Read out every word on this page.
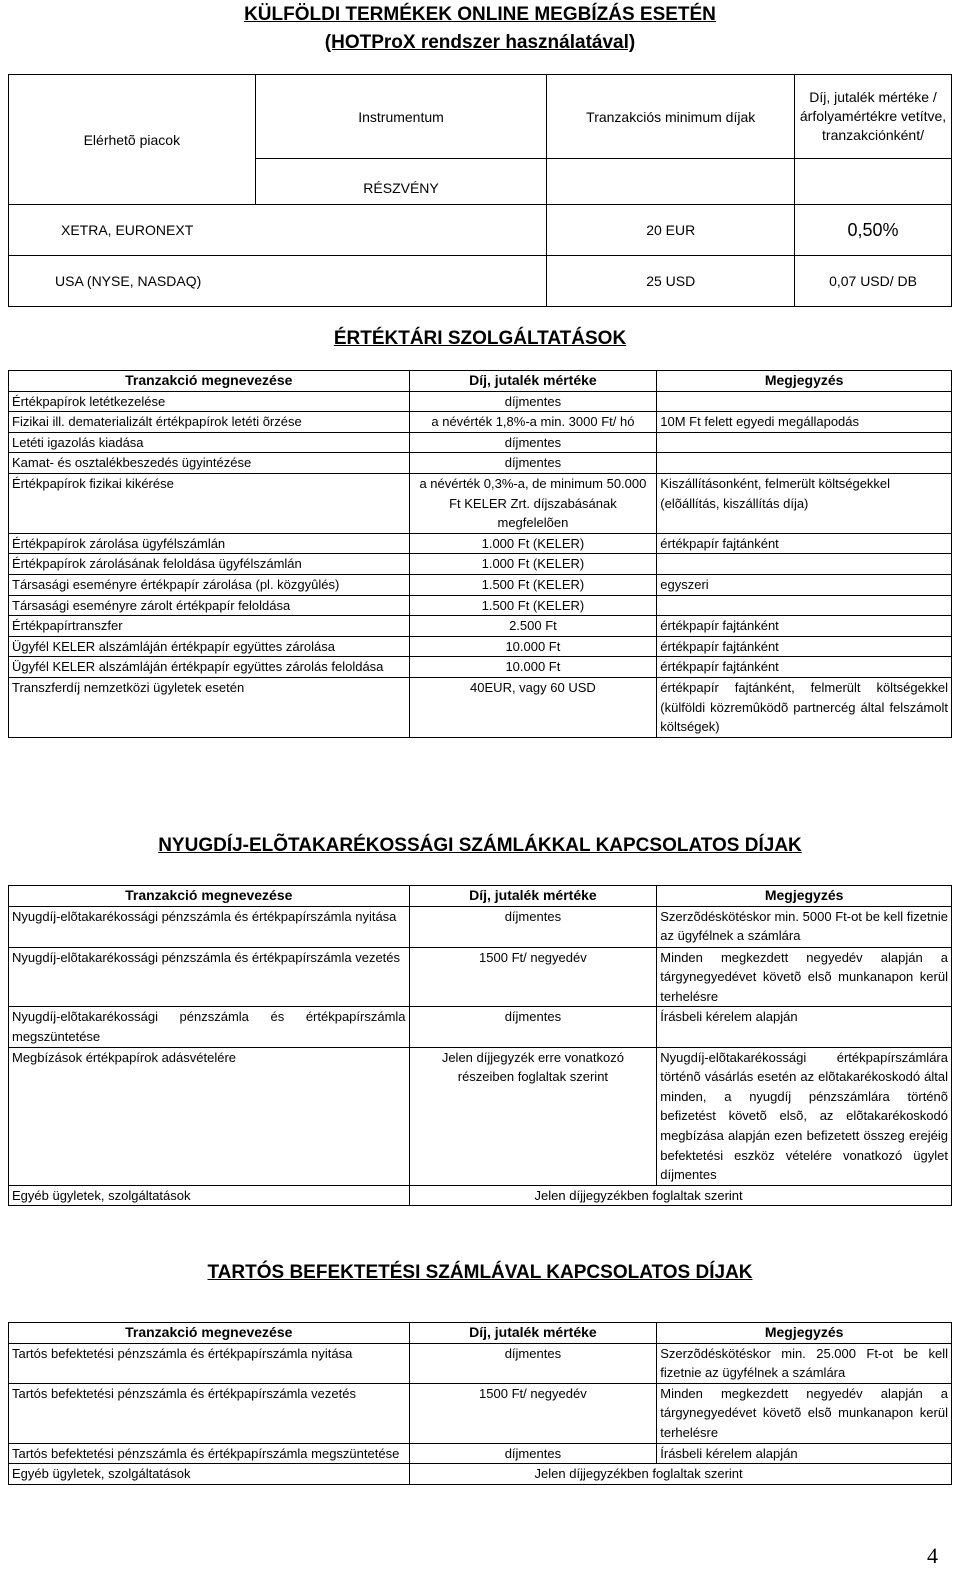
KÜLFÖLDI TERMÉKEK ONLINE MEGBÍZÁS ESETÉN
(HOTProX rendszer használatával)
Elérhetõ piacok	Instrumentum	Tranzakciós minimum díjak	Díj, jutalék mértéke /árfolyamértékre vetítve, tranzakciónként/
	RÉSZVÉNY		
XETRA, EURONEXT		20 EUR	0,50%
USA (NYSE, NASDAQ)		25 USD	0,07 USD/ DB
ÉRTÉKTÁRI SZOLGÁLTATÁSOK
Tranzakció megnevezése	Díj, jutalék mértéke	Megjegyzés
Értékpapírok letétkezelése	díjmentes	
Fizikai ill. dematerializált értékpapírok letéti õrzése	a névérték 1,8%-a min. 3000 Ft/ hó	10M Ft felett egyedi megállapodás
Letéti igazolás kiadása	díjmentes	
Kamat- és osztalékbeszedés ügyintézése	díjmentes	
Értékpapírok fizikai kikérése	a névérték 0,3%-a, de minimum 50.000 Ft KELER Zrt. díjszabásának megfelelõen	Kiszállításonként, felmerült költségekkel (elõállítás, kiszállítás díja)
Értékpapírok zárolása ügyfélszámlán	1.000 Ft (KELER)	értékpapír fajtánként
Értékpapírok zárolásának feloldása ügyfélszámlán	1.000 Ft (KELER)	
Társasági eseményre értékpapír zárolása (pl. közgyûlés)	1.500 Ft (KELER)	egyszeri
Társasági eseményre zárolt értékpapír feloldása	1.500 Ft (KELER)	
Értékpapírtranszfer	2.500 Ft	értékpapír fajtánként
Ügyfél KELER alszámláján értékpapír együttes zárolása	10.000 Ft	értékpapír fajtánként
Ügyfél KELER alszámláján értékpapír együttes zárolás feloldása	10.000 Ft	értékpapír fajtánként
Transzferdíj nemzetközi ügyletek esetén	40EUR, vagy 60 USD	értékpapír fajtánként, felmerült költségekkel (külföldi közremûködõ partnercég által felszámolt költségek)
NYUGDÍJ-ELÕTAKARÉKOSSÁGI SZÁMLÁKKAL KAPCSOLATOS DÍJAK
Tranzakció megnevezése	Díj, jutalék mértéke	Megjegyzés
Nyugdíj-elõtakarékossági pénzszámla és értékpapírszámla nyitása	díjmentes	Szerzõdéskötéskor min. 5000 Ft-ot be kell fizetnie az ügyfélnek a számlára
Nyugdíj-elõtakarékossági pénzszámla és értékpapírszámla vezetés	1500 Ft/ negyedév	Minden megkezdett negyedév alapján a tárgynegyedévet követõ elsõ munkanapon kerül terhelésre
Nyugdíj-elõtakarékossági pénzszámla és értékpapírszámla megszüntetése	díjmentes	Írásbeli kérelem alapján
Megbízások értékpapírok adásvételére	Jelen díjjegyzék erre vonatkozó részeiben foglaltak szerint	Nyugdíj-elõtakarékossági értékpapírszámlára történõ vásárlás esetén az elõtakarékoskodó által minden, a nyugdíj pénzszámlára történõ befizetést követõ elsõ, az elõtakarékoskodó megbízása alapján ezen befizetett összeg erejéig befektetési eszköz vételére vonatkozó ügylet díjmentes
Egyéb ügyletek, szolgáltatások	Jelen díjjegyzékben foglaltak szerint	
TARTÓS BEFEKTETÉSI SZÁMLÁVAL KAPCSOLATOS DÍJAK
Tranzakció megnevezése	Díj, jutalék mértéke	Megjegyzés
Tartós befektetési pénzszámla és értékpapírszámla nyitása	díjmentes	Szerzõdéskötéskor min. 25.000 Ft-ot be kell fizetnie az ügyfélnek a számlára
Tartós befektetési pénzszámla és értékpapírszámla vezetés	1500 Ft/ negyedév	Minden megkezdett negyedév alapján a tárgynegyedévet követõ elsõ munkanapon kerül terhelésre
Tartós befektetési pénzszámla és értékpapírszámla megszüntetése	díjmentes	Írásbeli kérelem alapján
Egyéb ügyletek, szolgáltatások	Jelen díjjegyzékben foglaltak szerint	
4
